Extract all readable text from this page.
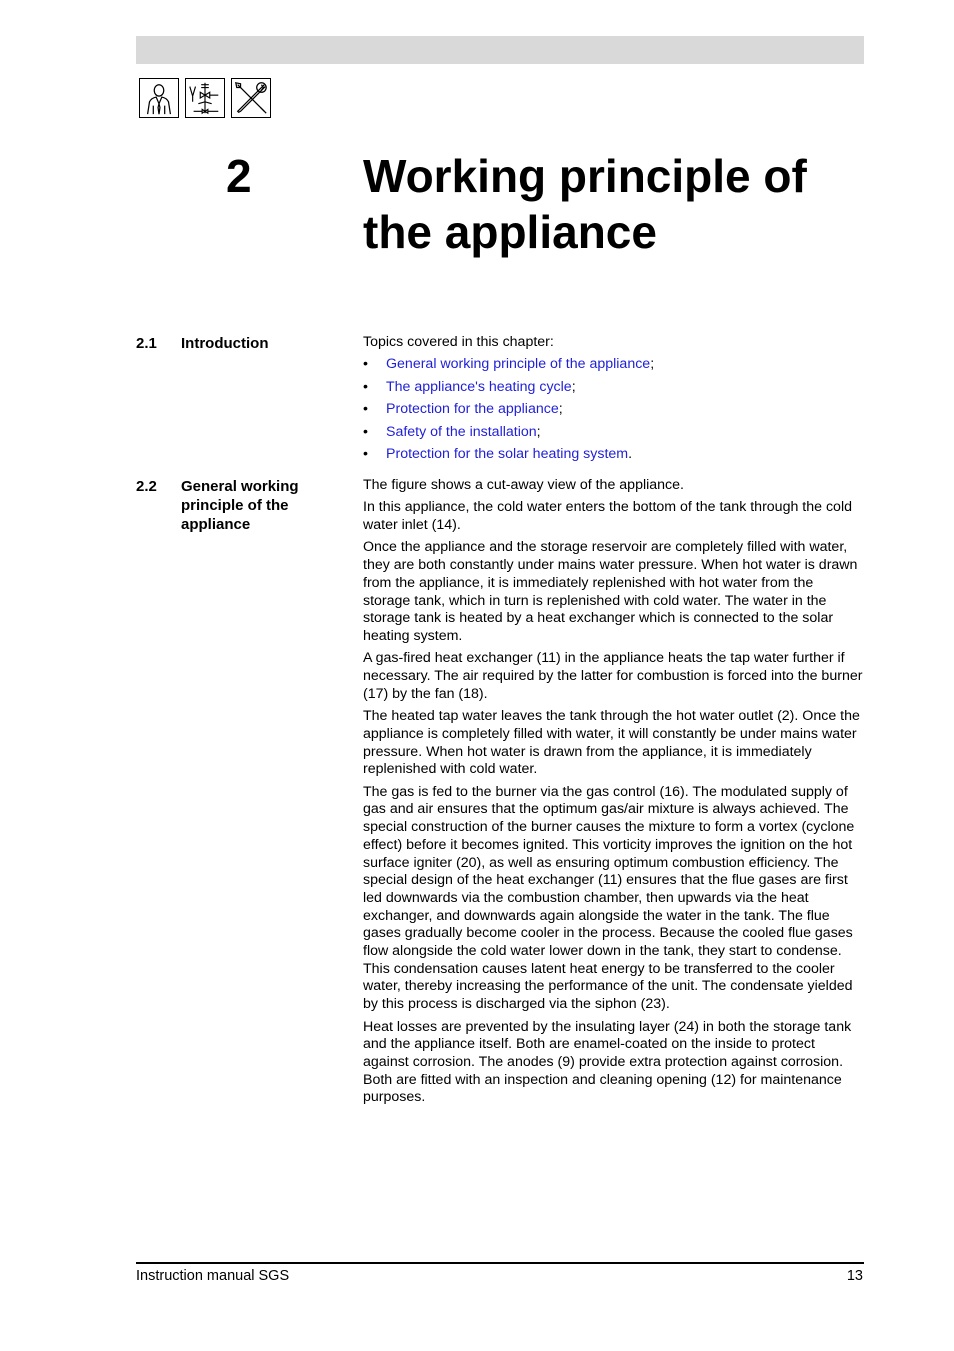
2 Working principle of
the appliance
2.1	Introduction	Topics covered in this chapter:
• General working principle of the appliance;
• The appliance's heating cycle;
• Protection for the appliance;
• Safety of the installation;
• Protection for the solar heating system.
2.2	General working principle of the appliance

The figure shows a cut-away view of the appliance.

In this appliance, the cold water enters the bottom of the tank through the cold water inlet (14).

Once the appliance and the storage reservoir are completely filled with water, they are both constantly under mains water pressure. When hot water is drawn from the appliance, it is immediately replenished with hot water from the storage tank, which in turn is replenished with cold water. The water in the storage tank is heated by a heat exchanger which is connected to the solar heating system.

A gas-fired heat exchanger (11) in the appliance heats the tap water further if necessary. The air required by the latter for combustion is forced into the burner (17) by the fan (18).

The heated tap water leaves the tank through the hot water outlet (2). Once the appliance is completely filled with water, it will constantly be under mains water pressure. When hot water is drawn from the appliance, it is immediately replenished with cold water.

The gas is fed to the burner via the gas control (16). The modulated supply of gas and air ensures that the optimum gas/air mixture is always achieved. The special construction of the burner causes the mixture to form a vortex (cyclone effect) before it becomes ignited. This vorticity improves the ignition on the hot surface igniter (20), as well as ensuring optimum combustion efficiency. The special design of the heat exchanger (11) ensures that the flue gases are first led downwards via the combustion chamber, then upwards via the heat exchanger, and downwards again alongside the water in the tank. The flue gases gradually become cooler in the process. Because the cooled flue gases flow alongside the cold water lower down in the tank, they start to condense. This condensation causes latent heat energy to be transferred to the cooler water, thereby increasing the performance of the unit. The condensate yielded by this process is discharged via the siphon (23).

Heat losses are prevented by the insulating layer (24) in both the storage tank and the appliance itself. Both are enamel-coated on the inside to protect against corrosion. The anodes (9) provide extra protection against corrosion. Both are fitted with an inspection and cleaning opening (12) for maintenance purposes.

Instruction manual SGS	13
